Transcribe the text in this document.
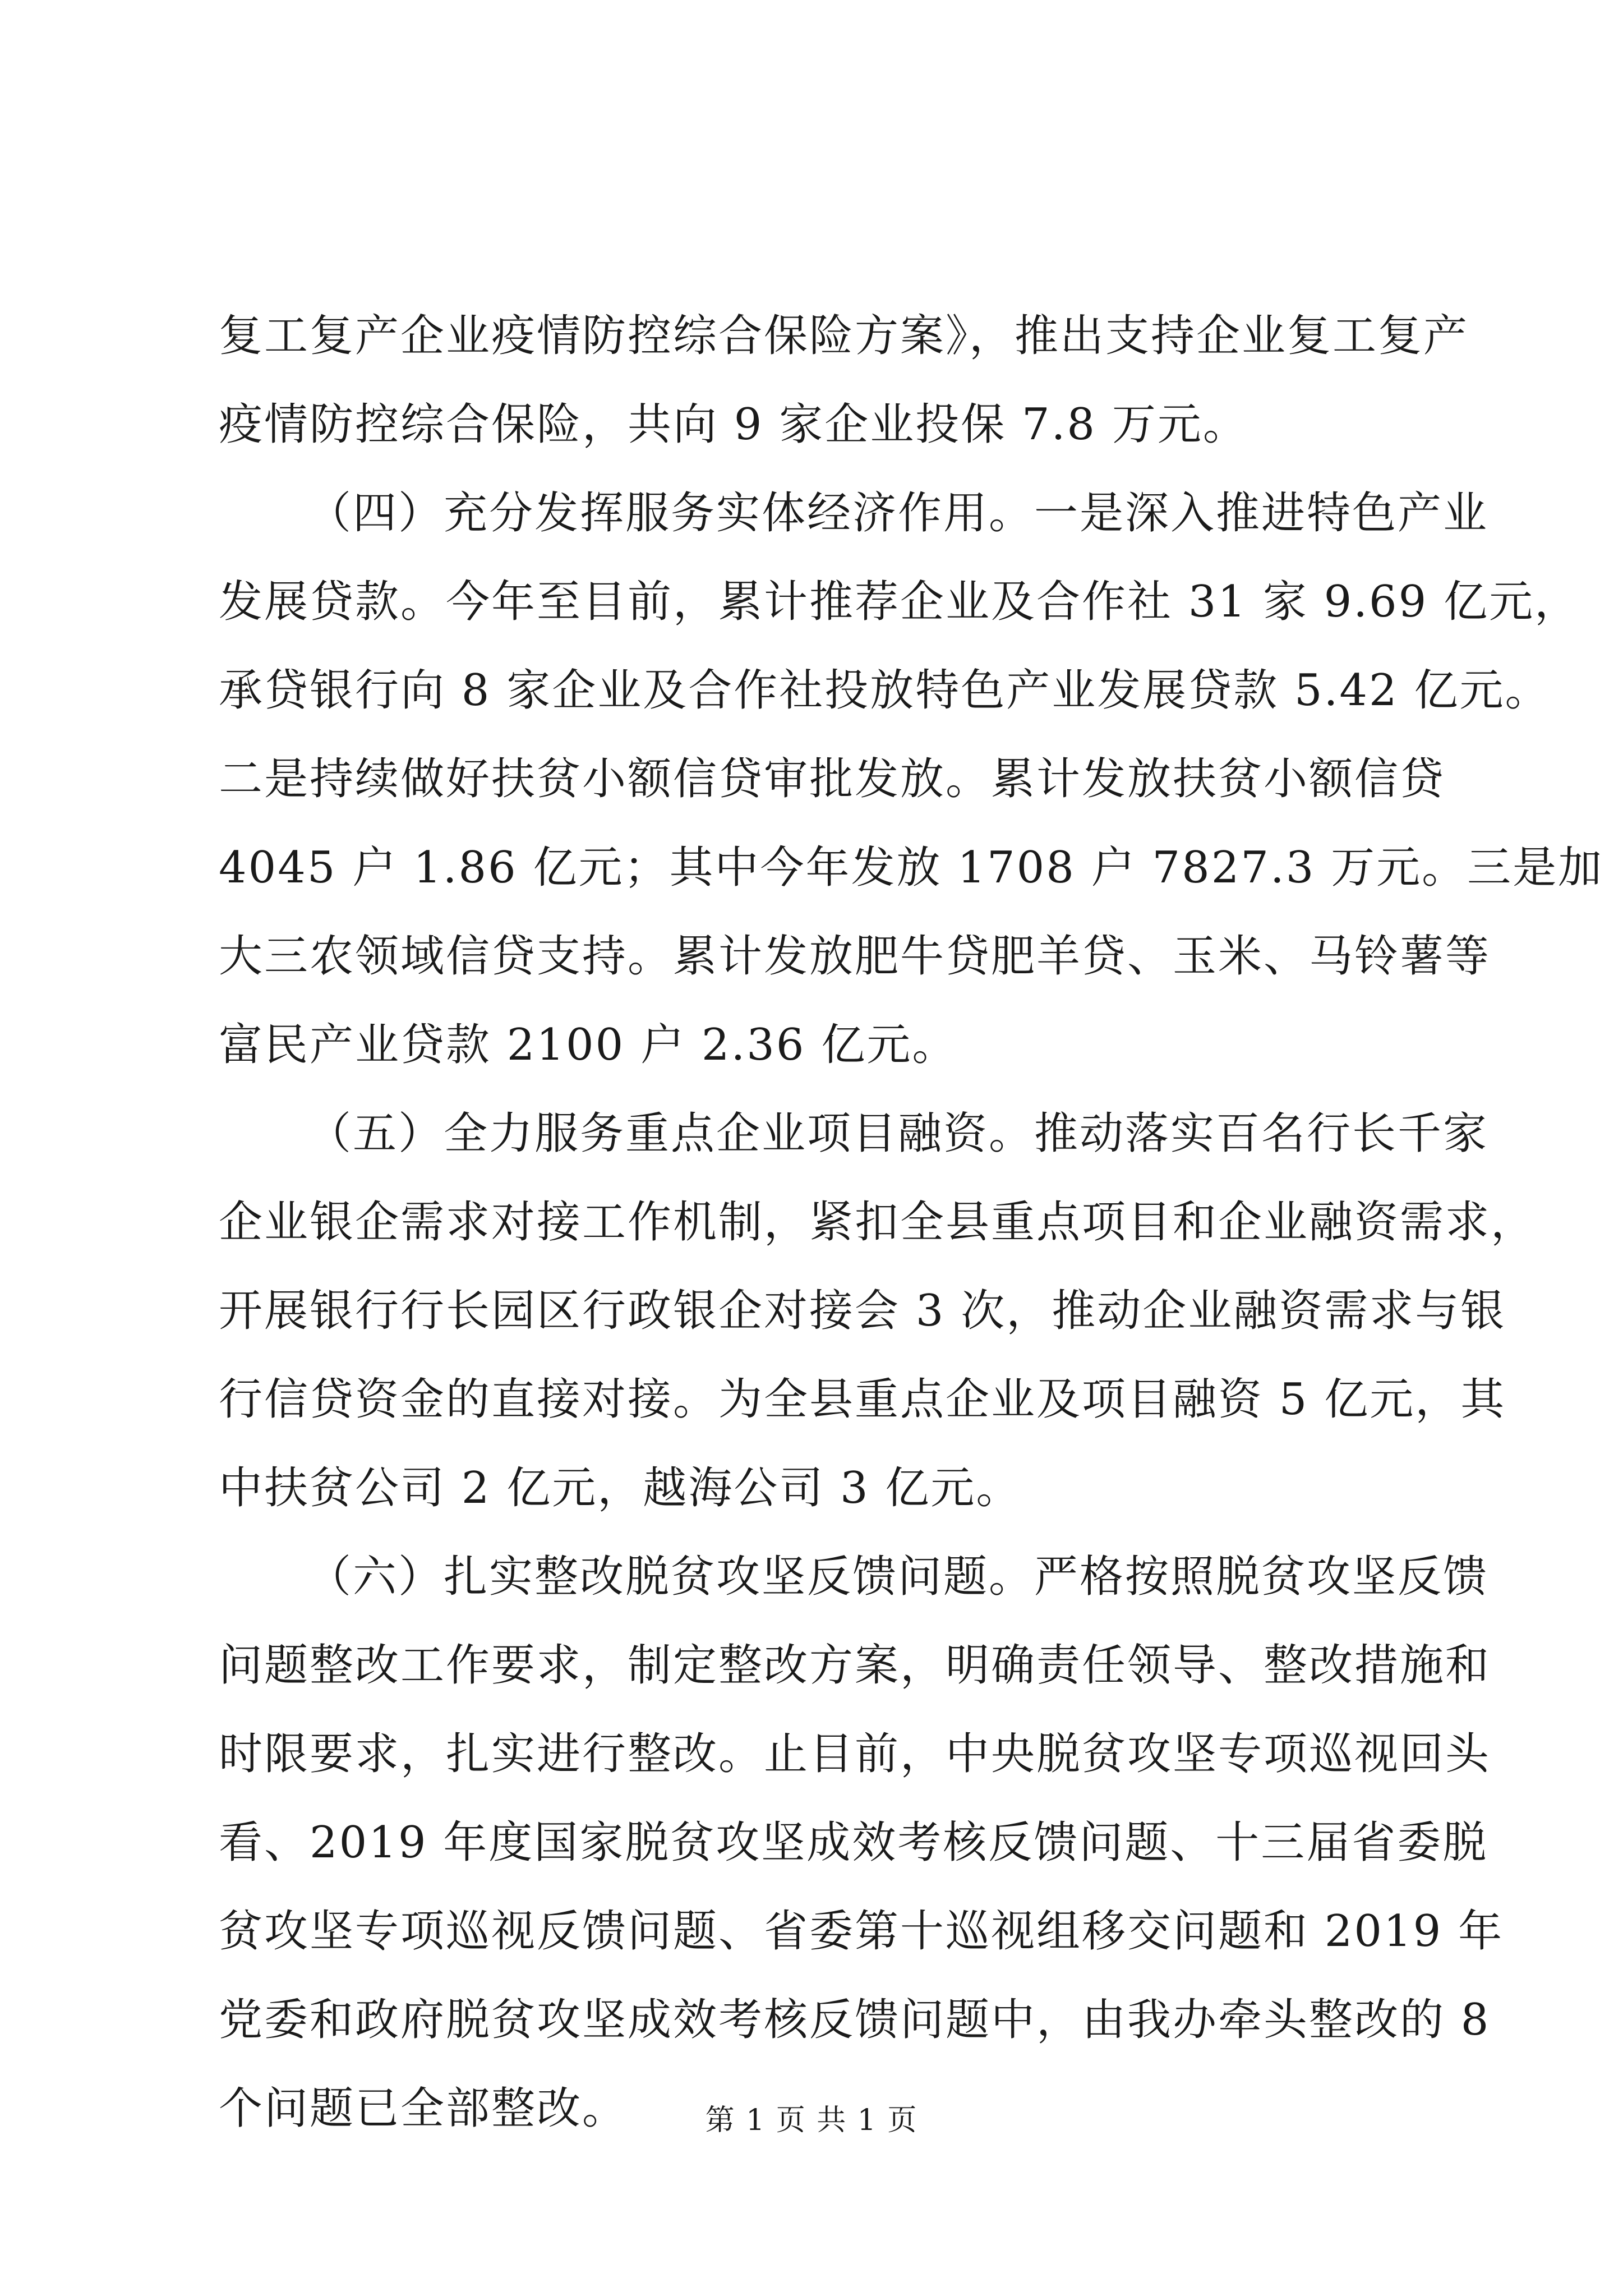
复工复产企业疫情防控综合保险方案》，推出支持企业复工复产
疫情防控综合保险，共向 9 家企业投保 7.8 万元。
（四）充分发挥服务实体经济作用。一是深入推进特色产业
发展贷款。今年至目前，累计推荐企业及合作社 31 家 9.69 亿元，
承贷银行向 8 家企业及合作社投放特色产业发展贷款 5.42 亿元。
二是持续做好扶贫小额信贷审批发放。累计发放扶贫小额信贷
4045 户 1.86 亿元；其中今年发放 1708 户 7827.3 万元。三是加
大三农领域信贷支持。累计发放肥牛贷肥羊贷、玉米、马铃薯等
富民产业贷款 2100 户 2.36 亿元。
（五）全力服务重点企业项目融资。推动落实百名行长千家
企业银企需求对接工作机制，紧扣全县重点项目和企业融资需求，
开展银行行长园区行政银企对接会 3 次，推动企业融资需求与银
行信贷资金的直接对接。为全县重点企业及项目融资 5 亿元，其
中扶贫公司 2 亿元，越海公司 3 亿元。
（六）扎实整改脱贫攻坚反馈问题。严格按照脱贫攻坚反馈
问题整改工作要求，制定整改方案，明确责任领导、整改措施和
时限要求，扎实进行整改。止目前，中央脱贫攻坚专项巡视回头
看、2019 年度国家脱贫攻坚成效考核反馈问题、十三届省委脱
贫攻坚专项巡视反馈问题、省委第十巡视组移交问题和 2019 年
党委和政府脱贫攻坚成效考核反馈问题中，由我办牵头整改的 8
个问题已全部整改。	第 1 页 共 1 页
